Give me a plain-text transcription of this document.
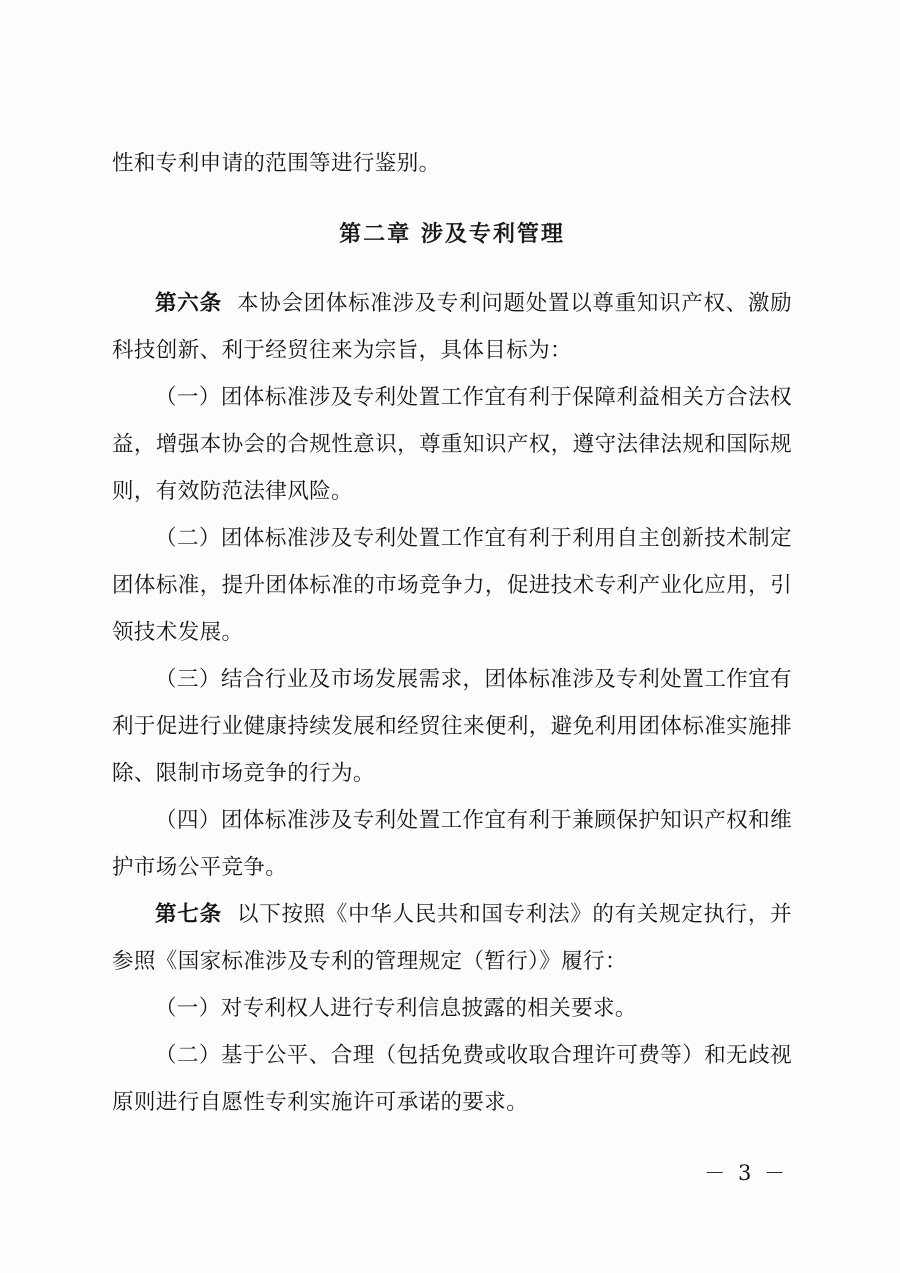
性和专利申请的范围等进行鉴别。

第二章 涉及专利管理

第六条 本协会团体标准涉及专利问题处置以尊重知识产权、激励科技创新、利于经贸往来为宗旨，具体目标为：

（一）团体标准涉及专利处置工作宜有利于保障利益相关方合法权益，增强本协会的合规性意识，尊重知识产权，遵守法律法规和国际规则，有效防范法律风险。

（二）团体标准涉及专利处置工作宜有利于利用自主创新技术制定团体标准，提升团体标准的市场竞争力，促进技术专利产业化应用，引领技术发展。

（三）结合行业及市场发展需求，团体标准涉及专利处置工作宜有利于促进行业健康持续发展和经贸往来便利，避免利用团体标准实施排除、限制市场竞争的行为。

（四）团体标准涉及专利处置工作宜有利于兼顾保护知识产权和维护市场公平竞争。

第七条 以下按照《中华人民共和国专利法》的有关规定执行，并参照《国家标准涉及专利的管理规定（暂行）》履行：

（一）对专利权人进行专利信息披露的相关要求。

（二）基于公平、合理（包括免费或收取合理许可费等）和无歧视原则进行自愿性专利实施许可承诺的要求。

－ 3 －
